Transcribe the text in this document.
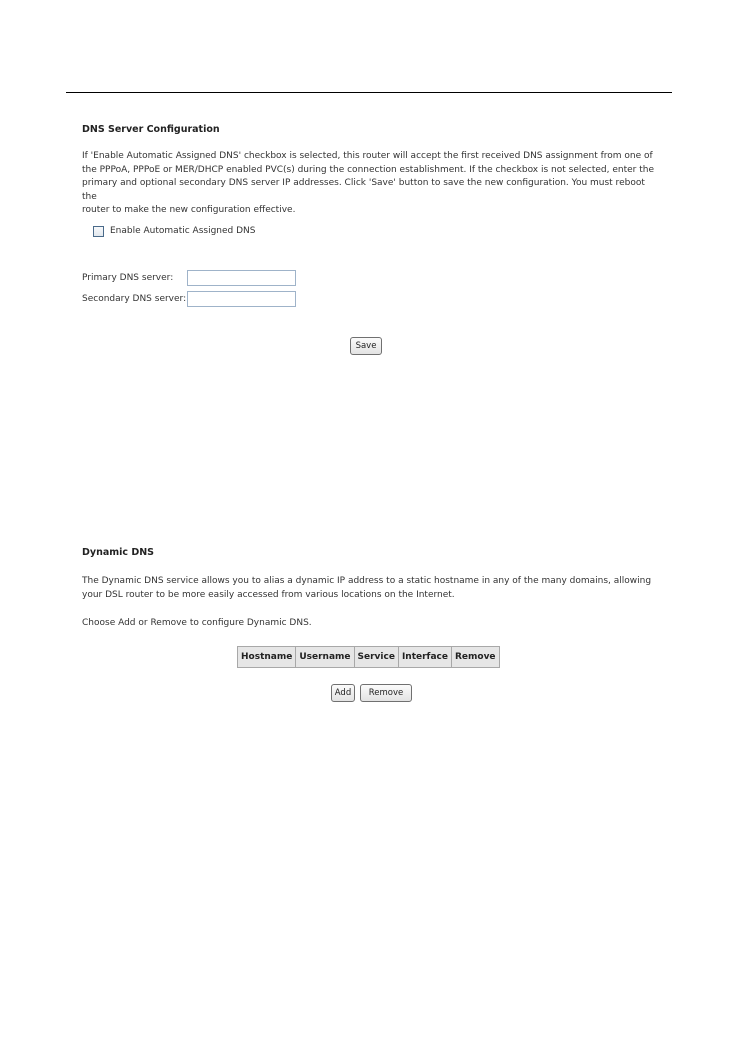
DNS Server Configuration
If 'Enable Automatic Assigned DNS' checkbox is selected, this router will accept the first received DNS assignment from one of
the PPPoA, PPPoE or MER/DHCP enabled PVC(s) during the connection establishment. If the checkbox is not selected, enter the
primary and optional secondary DNS server IP addresses. Click 'Save' button to save the new configuration. You must reboot the
router to make the new configuration effective.
Enable Automatic Assigned DNS
Primary DNS server:
Secondary DNS server:
Save
Dynamic DNS
The Dynamic DNS service allows you to alias a dynamic IP address to a static hostname in any of the many domains, allowing
your DSL router to be more easily accessed from various locations on the Internet.
Choose Add or Remove to configure Dynamic DNS.
Hostname	Username	Service	Interface	Remove
Add	Remove
